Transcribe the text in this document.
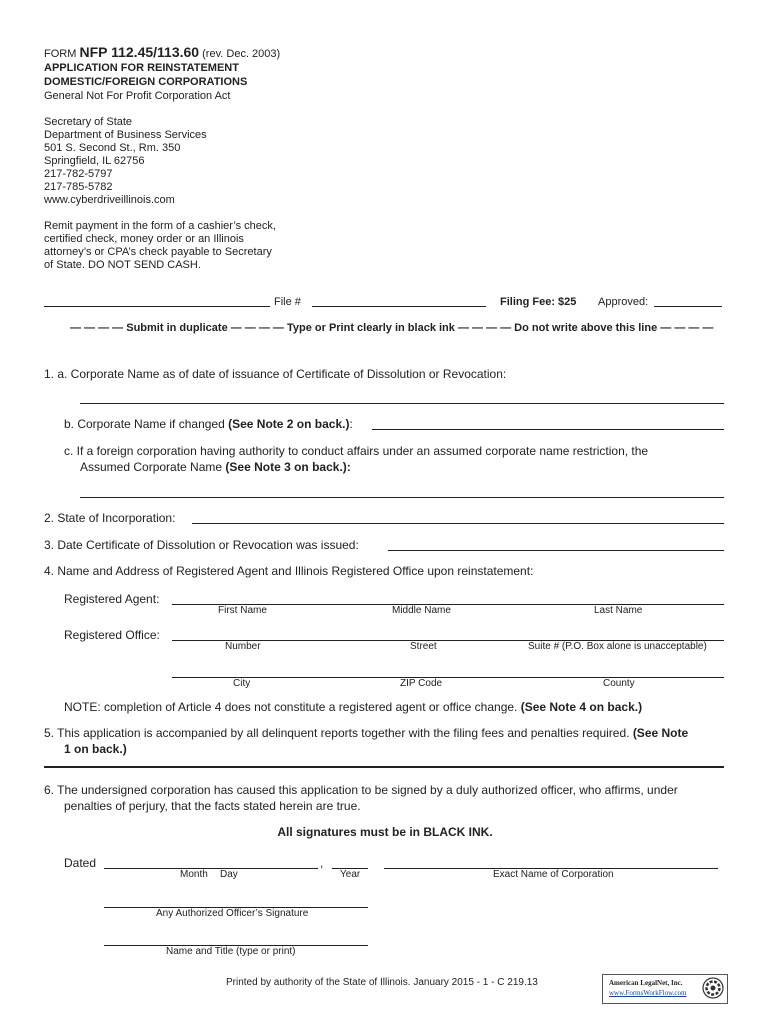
FORM NFP 112.45/113.60 (rev. Dec. 2003)
APPLICATION FOR REINSTATEMENT
DOMESTIC/FOREIGN CORPORATIONS
General Not For Profit Corporation Act
Secretary of State
Department of Business Services
501 S. Second St., Rm. 350
Springfield, IL 62756
217-782-5797
217-785-5782
www.cyberdriveillinois.com
Remit payment in the form of a cashier’s check,
certified check, money order or an Illinois
attorney’s or CPA’s check payable to Secretary
of State. DO NOT SEND CASH.
File #	Filing Fee: $25 Approved:
— — — — Submit in duplicate — — — — Type or Print clearly in black ink — — — — Do not write above this line — — — —
1. a. Corporate Name as of date of issuance of Certificate of Dissolution or Revocation:
b. Corporate Name if changed (See Note 2 on back.):
c. If a foreign corporation having authority to conduct affairs under an assumed corporate name restriction, the
Assumed Corporate Name (See Note 3 on back.):
2. State of Incorporation:
3. Date Certificate of Dissolution or Revocation was issued:
4. Name and Address of Registered Agent and Illinois Registered Office upon reinstatement:
Registered Agent:
First Name	Middle Name	Last Name
Registered Office:
Number	Street	Suite # (P.O. Box alone is unacceptable)
City	ZIP Code	County
NOTE: completion of Article 4 does not constitute a registered agent or office change. (See Note 4 on back.)
5. This application is accompanied by all delinquent reports together with the filing fees and penalties required. (See Note
1 on back.)
6. The undersigned corporation has caused this application to be signed by a duly authorized officer, who affirms, under
penalties of perjury, that the facts stated herein are true.
All signatures must be in BLACK INK.
Dated	,
Month Day	Year	Exact Name of Corporation
Any Authorized Officer’s Signature
Name and Title (type or print)
Printed by authority of the State of Illinois. January 2015 - 1 - C 219.13	American LegalNet, Inc.
www.FormsWorkFlow.com
